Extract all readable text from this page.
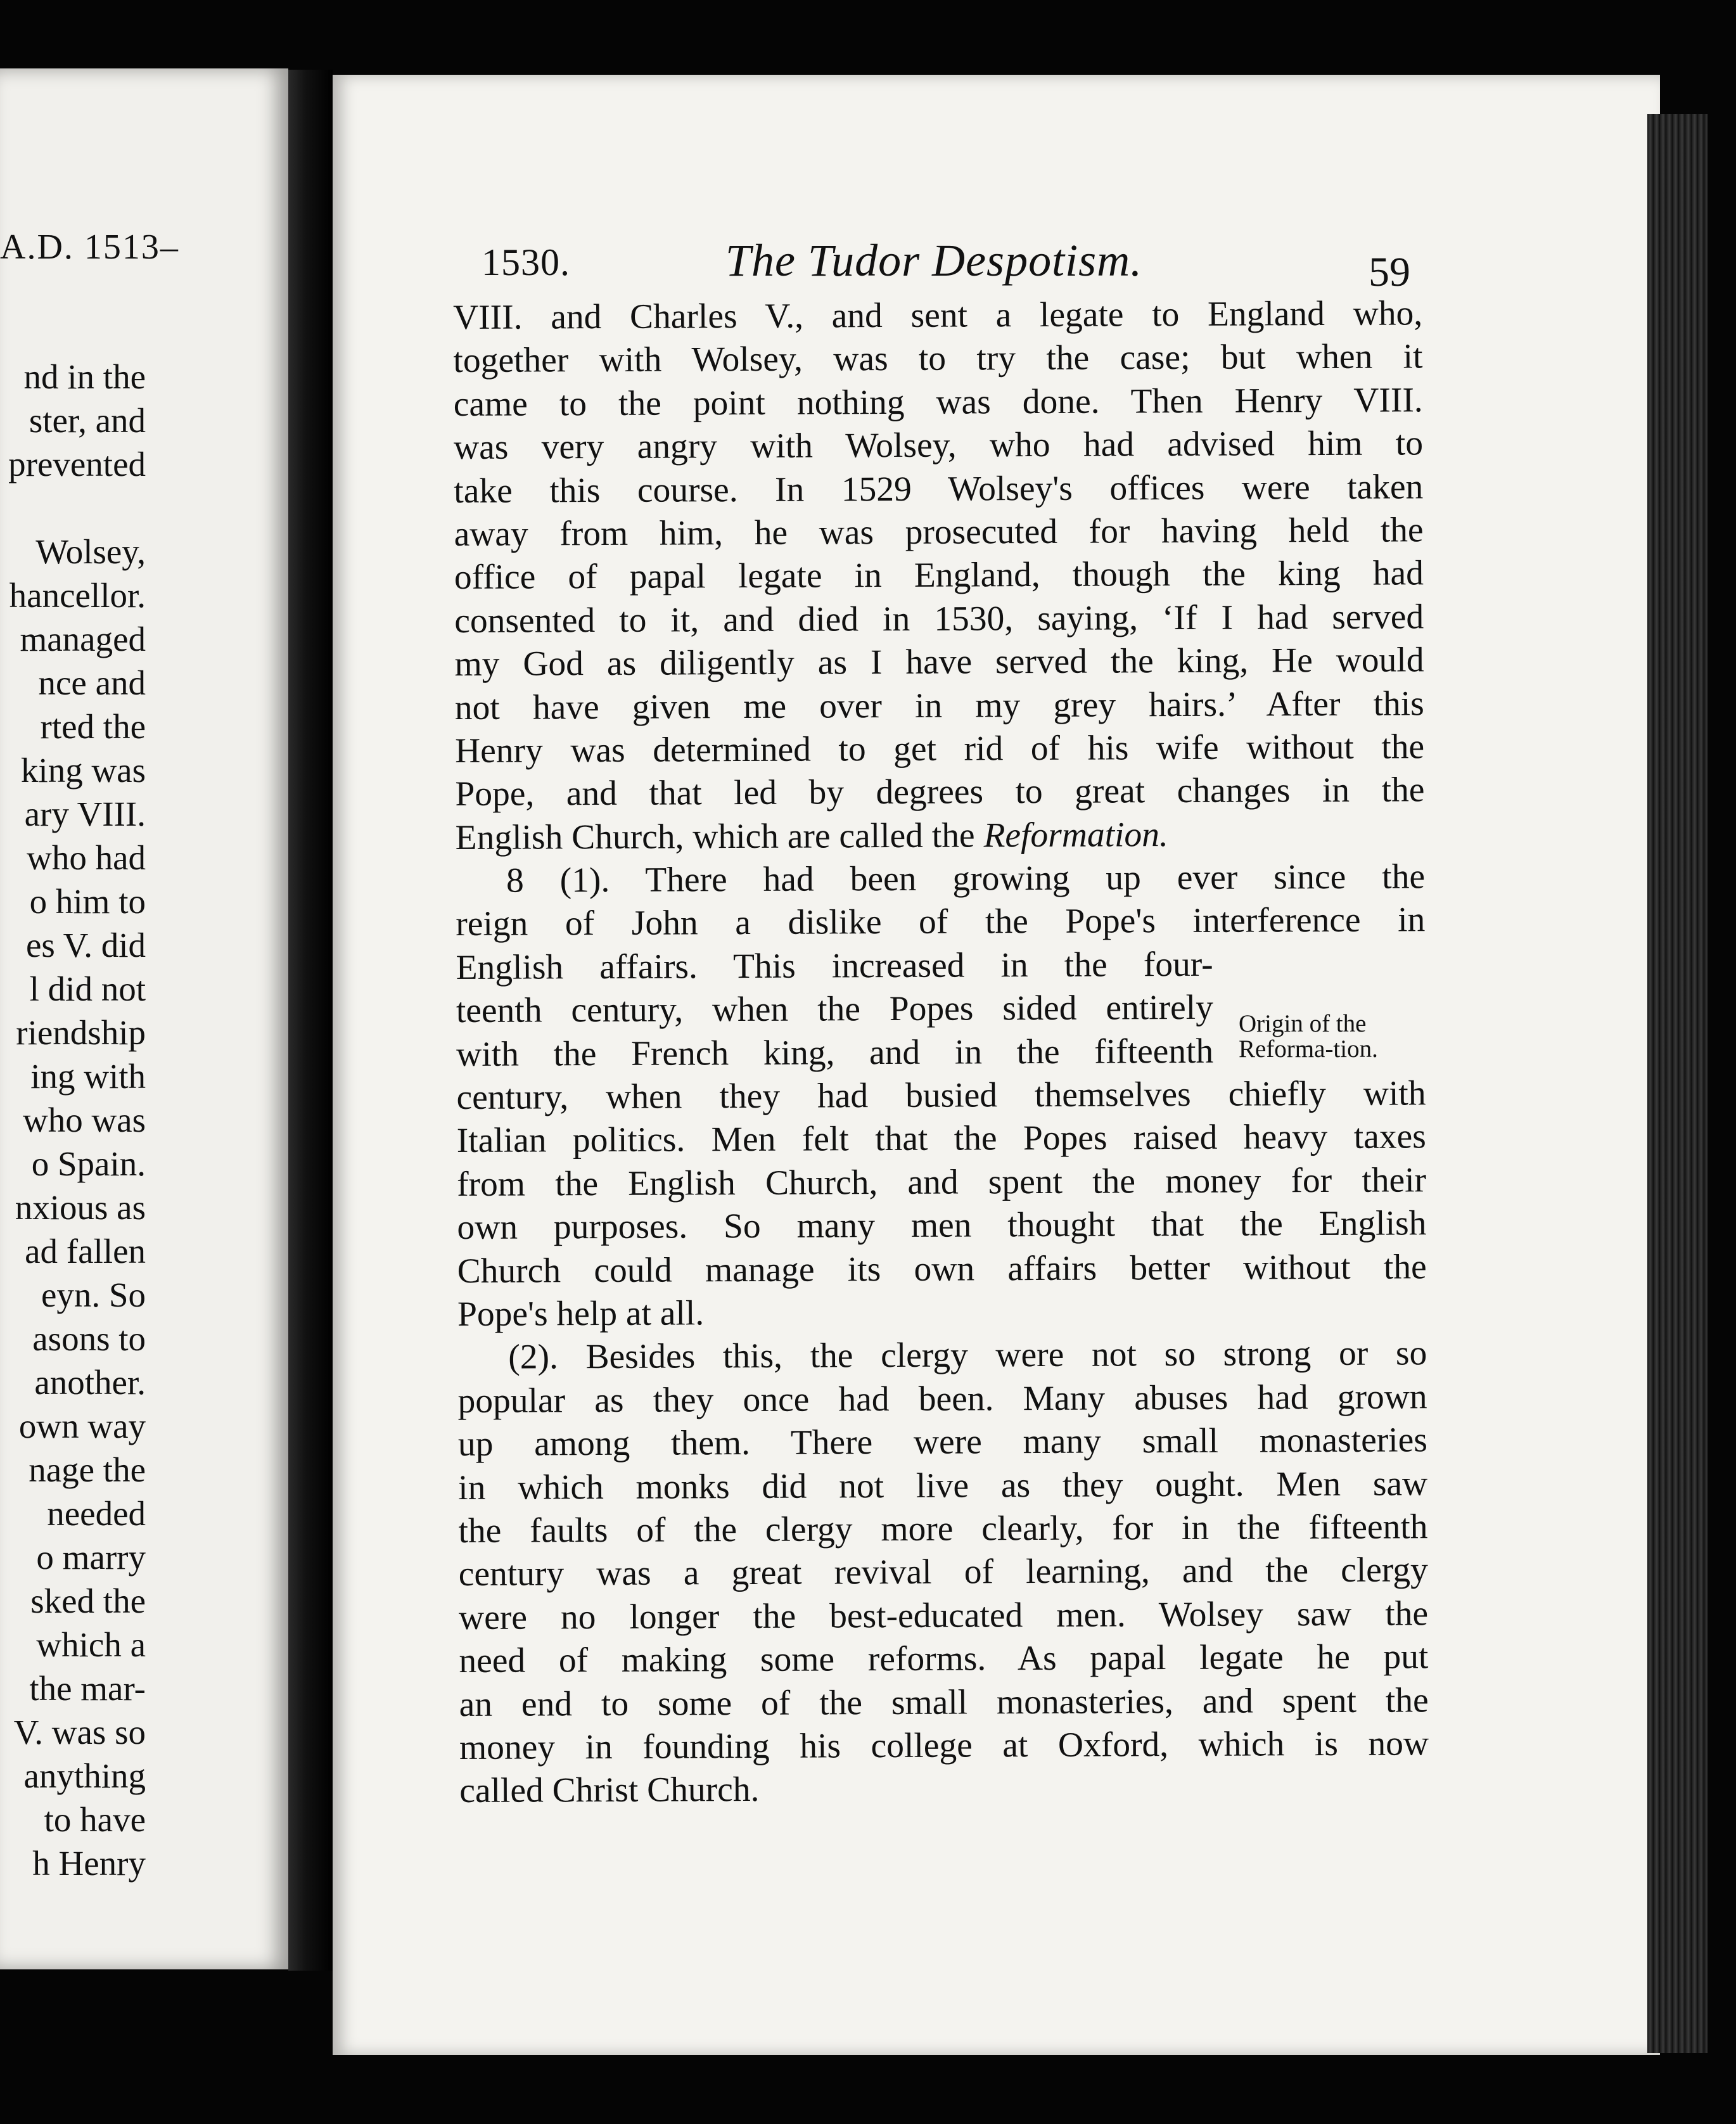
A.D. 1513–
nd in the
ster, and
prevented
Wolsey,
hancellor.
managed
nce and
rted the
king was
ary VIII.
who had
o him to
es V. did
l did not
riendship
ing with
who was
o Spain.
nxious as
ad fallen
eyn. So
asons to
another.
own way
nage the
needed
o marry
sked the
which a
the mar-
V. was so
anything
to have
h Henry
1530.	The Tudor Despotism.	59
VIII. and Charles V., and sent a legate to England who,
together with Wolsey, was to try the case; but when it
came to the point nothing was done. Then Henry VIII.
was very angry with Wolsey, who had advised him to
take this course. In 1529 Wolsey's offices were taken
away from him, he was prosecuted for having held the
office of papal legate in England, though the king had
consented to it, and died in 1530, saying, ‘If I had served
my God as diligently as I have served the king, He would
not have given me over in my grey hairs.’ After this
Henry was determined to get rid of his wife without the
Pope, and that led by degrees to great changes in the
English Church, which are called the Reformation.
8 (1). There had been growing up ever since the
reign of John a dislike of the Pope's interference in
English affairs. This increased in the four-
teenth century, when the Popes sided entirely
with the French king, and in the fifteenth
century, when they had busied themselves chiefly with
Italian politics. Men felt that the Popes raised heavy taxes
from the English Church, and spent the money for their
own purposes. So many men thought that the English
Church could manage its own affairs better without the
Pope's help at all.
(2). Besides this, the clergy were not so strong or so
popular as they once had been. Many abuses had grown
up among them. There were many small monasteries
in which monks did not live as they ought. Men saw
the faults of the clergy more clearly, for in the fifteenth
century was a great revival of learning, and the clergy
were no longer the best-educated men. Wolsey saw the
need of making some reforms. As papal legate he put
an end to some of the small monasteries, and spent the
money in founding his college at Oxford, which is now
called Christ Church.
Origin of the Reforma-tion.
